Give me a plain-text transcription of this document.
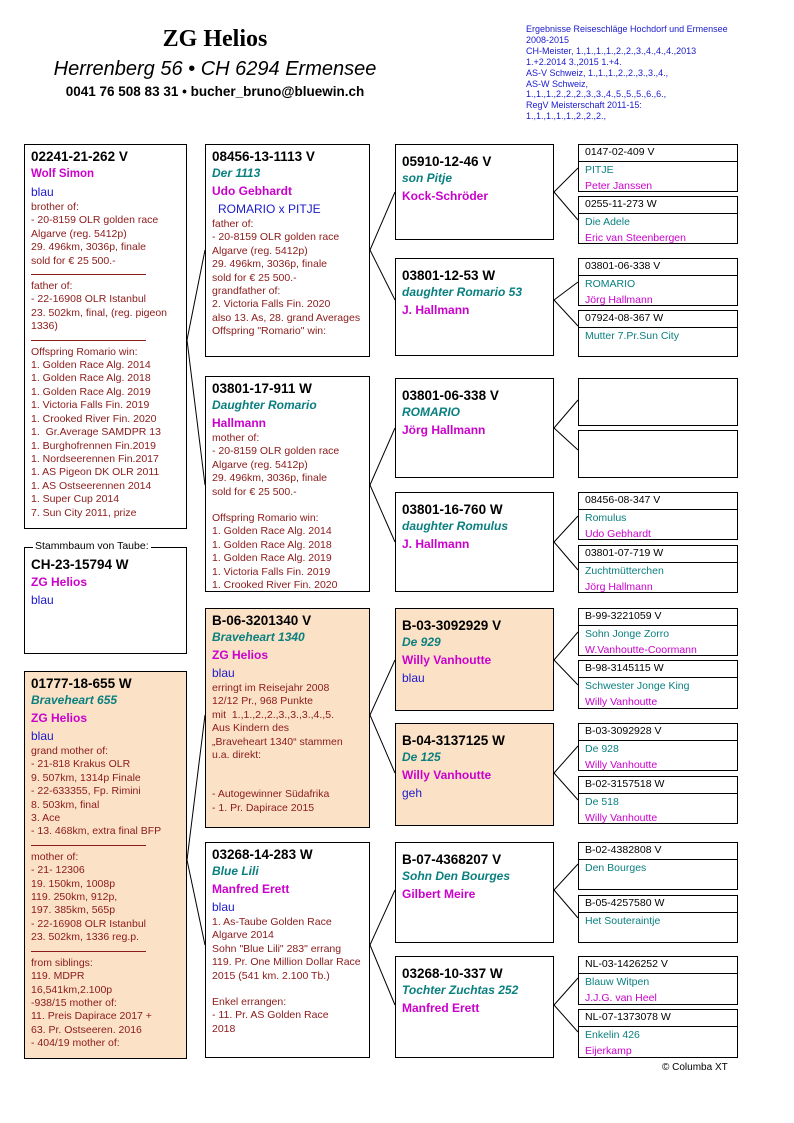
ZG Helios
Herrenberg 56 • CH 6294 Ermensee
0041 76 508 83 31 • bucher_bruno@bluewin.ch
Ergebnisse Reiseschläge Hochdorf und Ermensee 2008-2015
CH-Meister, 1.,1.,1.,1.,2.,2.,3.,4.,4.,4.,2013 1.+2.2014 3.,2015 1.+4.
AS-V Schweiz, 1.,1.,1.,2.,2.,3.,3.,4.,
AS-W Schweiz,
1.,1.,1.,2.,2.,2.,3.,3.,4.,5.,5.,5.,6.,6.,
RegV Meisterschaft 2011-15:
1.,1.,1.,1.,1.,2.,2.,2.,
02241-21-262 V
Wolf Simon
blau
brother of:
- 20-8159 OLR golden race Algarve (reg. 5412p)
29. 496km, 3036p, finale
sold for € 25 500.-
father of:
- 22-16908 OLR Istanbul
23. 502km, final, (reg. pigeon 1336)
Offspring Romario win:
1. Golden Race Alg. 2014
1. Golden Race Alg. 2018
1. Golden Race Alg. 2019
1. Victoria Falls Fin. 2019
1. Crooked River Fin. 2020
1.  Gr.Average SAMDPR 13
1. Burghofrennen Fin.2019
1. Nordseerennen Fin.2017
1. AS Pigeon DK OLR 2011
1. AS Ostseerennen 2014
1. Super Cup 2014
7. Sun City 2011, prize
Stammbaum von Taube:
CH-23-15794 W
ZG Helios
blau
01777-18-655 W
Braveheart 655
ZG Helios
blau
grand mother of:
- 21-818 Krakus OLR
9. 507km, 1314p Finale
- 22-633355, Fp. Rimini
8. 503km, final
3. Ace
- 13. 468km, extra final BFP
mother of:
- 21- 12306
19. 150km, 1008p
119. 250km, 912p,
197. 385km, 565p
- 22-16908 OLR Istanbul
23. 502km, 1336 reg.p.
from siblings:
119. MDPR
16,541km,2.100p
-938/15 mother of:
11. Preis Dapirace 2017 +
63. Pr. Ostseeren. 2016
- 404/19 mother of:
08456-13-1113 V
Der 1113
Udo Gebhardt
ROMARIO x PITJE
father of:
- 20-8159 OLR golden race Algarve (reg. 5412p)
29. 496km, 3036p, finale
sold for € 25 500.-
grandfather of:
2. Victoria Falls Fin. 2020
also 13. As, 28. grand Averages
Offspring "Romario" win:
03801-17-911 W
Daughter Romario
Hallmann
mother of:
- 20-8159 OLR golden race Algarve (reg. 5412p)
29. 496km, 3036p, finale
sold for € 25 500.-
Offspring Romario win:
1. Golden Race Alg. 2014
1. Golden Race Alg. 2018
1. Golden Race Alg. 2019
1. Victoria Falls Fin. 2019
1. Crooked River Fin. 2020
B-06-3201340 V
Braveheart 1340
ZG Helios
blau
erringt im Reisejahr 2008
12/12 Pr., 968 Punkte
mit  1.,1.,2.,2.,3.,3.,3.,4.,5.
Aus Kindern des
„Braveheart 1340“ stammen
u.a. direkt:
- Autogewinner Südafrika
- 1. Pr. Dapirace 2015
03268-14-283 W
Blue Lili
Manfred Erett
blau
1. As-Taube Golden Race Algarve 2014
Sohn "Blue Lili" 283" errang
119. Pr. One Million Dollar Race 2015 (541 km. 2.100 Tb.)
Enkel errangen:
- 11. Pr. AS Golden Race
2018
05910-12-46 V
son Pitje
Kock-Schröder
03801-12-53 W
daughter Romario 53
J. Hallmann
03801-06-338 V
ROMARIO
Jörg Hallmann
03801-16-760 W
daughter Romulus
J. Hallmann
B-03-3092929 V
De 929
Willy Vanhoutte
blau
B-04-3137125 W
De 125
Willy Vanhoutte
geh
B-07-4368207 V
Sohn Den Bourges
Gilbert Meire
03268-10-337 W
Tochter Zuchtas 252
Manfred Erett
0147-02-409 V
PITJE
Peter Janssen
0255-11-273 W
Die Adele
Eric van Steenbergen
03801-06-338 V
ROMARIO
Jörg Hallmann
07924-08-367 W
Mutter 7.Pr.Sun City
08456-08-347 V
Romulus
Udo Gebhardt
03801-07-719 W
Zuchtmütterchen
Jörg Hallmann
B-99-3221059 V
Sohn Jonge Zorro
W.Vanhoutte-Coormann
B-98-3145115 W
Schwester Jonge King
Willy Vanhoutte
B-03-3092928 V
De 928
Willy Vanhoutte
B-02-3157518 W
De 518
Willy Vanhoutte
B-02-4382808 V
Den Bourges
B-05-4257580 W
Het Souteraintje
NL-03-1426252 V
Blauw Witpen
J.J.G. van Heel
NL-07-1373078 W
Enkelin 426
Eijerkamp
© Columba XT
